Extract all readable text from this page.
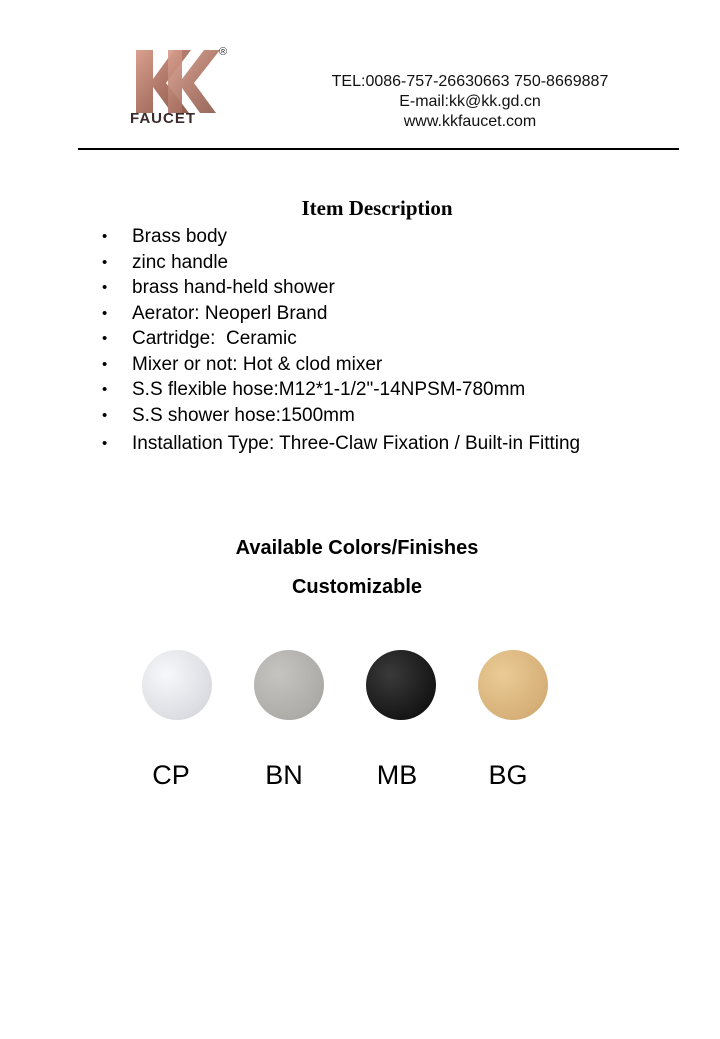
FAUCET
®
TEL:0086-757-26630663 750-8669887
E-mail:kk@kk.gd.cn
www.kkfaucet.com
Item Description
• Brass body
• zinc handle
• brass hand-held shower
• Aerator: Neoperl Brand
• Cartridge:  Ceramic
• Mixer or not: Hot & clod mixer
• S.S flexible hose:M12*1-1/2"-14NPSM-780mm
• S.S shower hose:1500mm
• Installation Type: Three-Claw Fixation / Built-in Fitting
Available Colors/Finishes
Customizable
CP	BN	MB	BG
